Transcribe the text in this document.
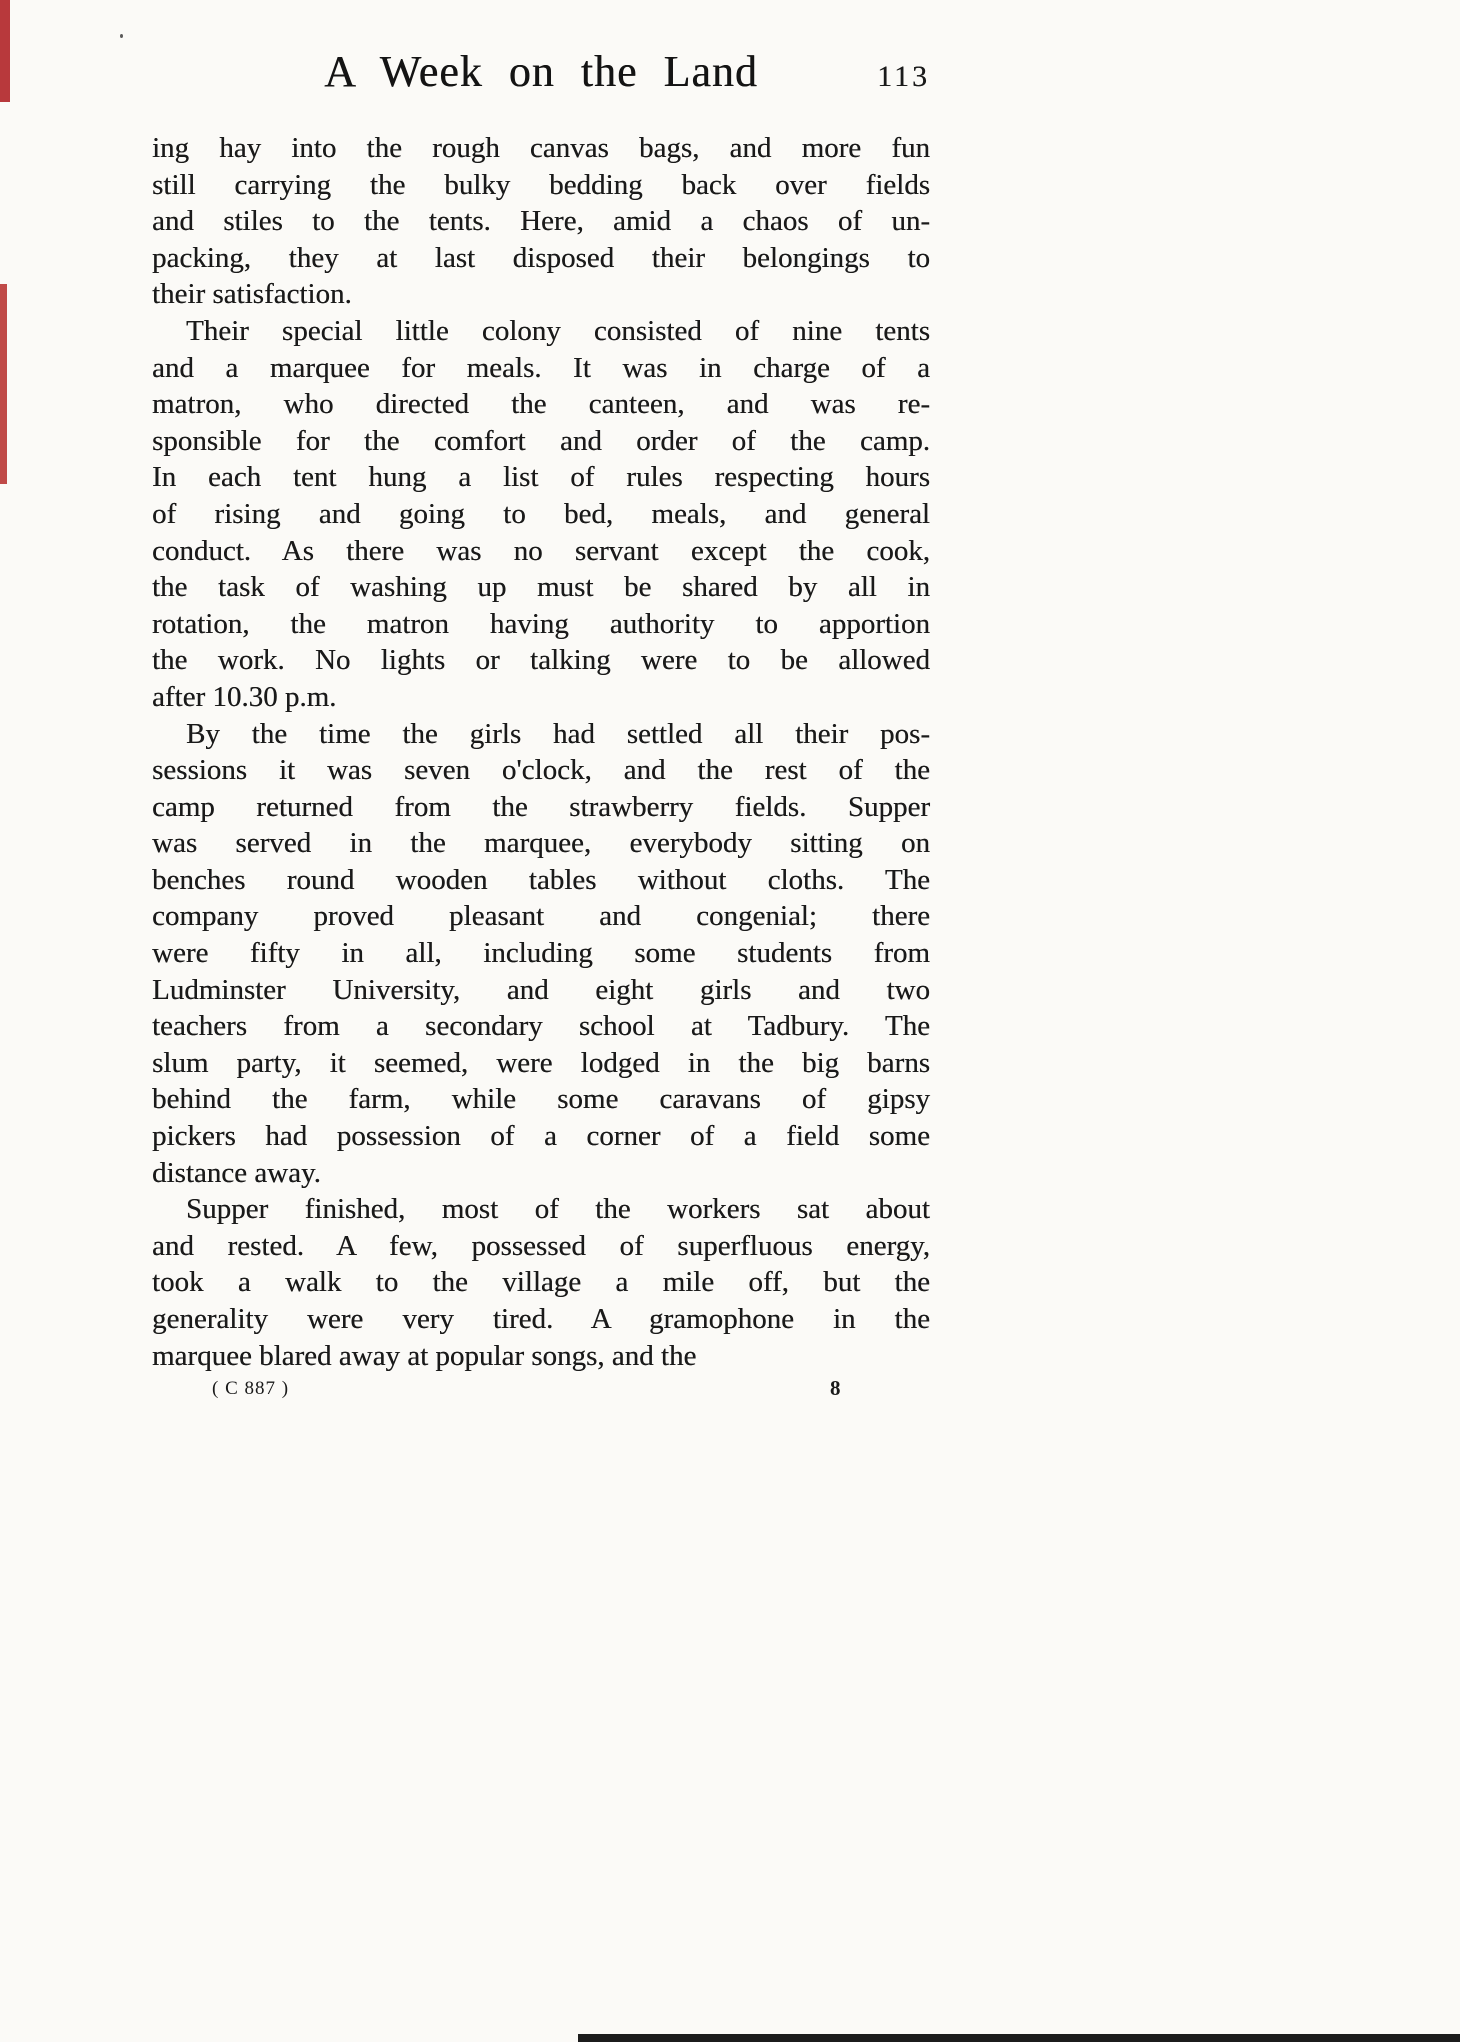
A Week on the Land	113
ing hay into the rough canvas bags, and more fun
still carrying the bulky bedding back over fields
and stiles to the tents. Here, amid a chaos of un-
packing, they at last disposed their belongings to
their satisfaction.
Their special little colony consisted of nine tents
and a marquee for meals. It was in charge of a
matron, who directed the canteen, and was re-
sponsible for the comfort and order of the camp.
In each tent hung a list of rules respecting hours
of rising and going to bed, meals, and general
conduct. As there was no servant except the cook,
the task of washing up must be shared by all in
rotation, the matron having authority to apportion
the work. No lights or talking were to be allowed
after 10.30 p.m.
By the time the girls had settled all their pos-
sessions it was seven o'clock, and the rest of the
camp returned from the strawberry fields. Supper
was served in the marquee, everybody sitting on
benches round wooden tables without cloths. The
company proved pleasant and congenial; there
were fifty in all, including some students from
Ludminster University, and eight girls and two
teachers from a secondary school at Tadbury. The
slum party, it seemed, were lodged in the big barns
behind the farm, while some caravans of gipsy
pickers had possession of a corner of a field some
distance away.
Supper finished, most of the workers sat about
and rested. A few, possessed of superfluous energy,
took a walk to the village a mile off, but the
generality were very tired. A gramophone in the
marquee blared away at popular songs, and the
( C 887 )	8
